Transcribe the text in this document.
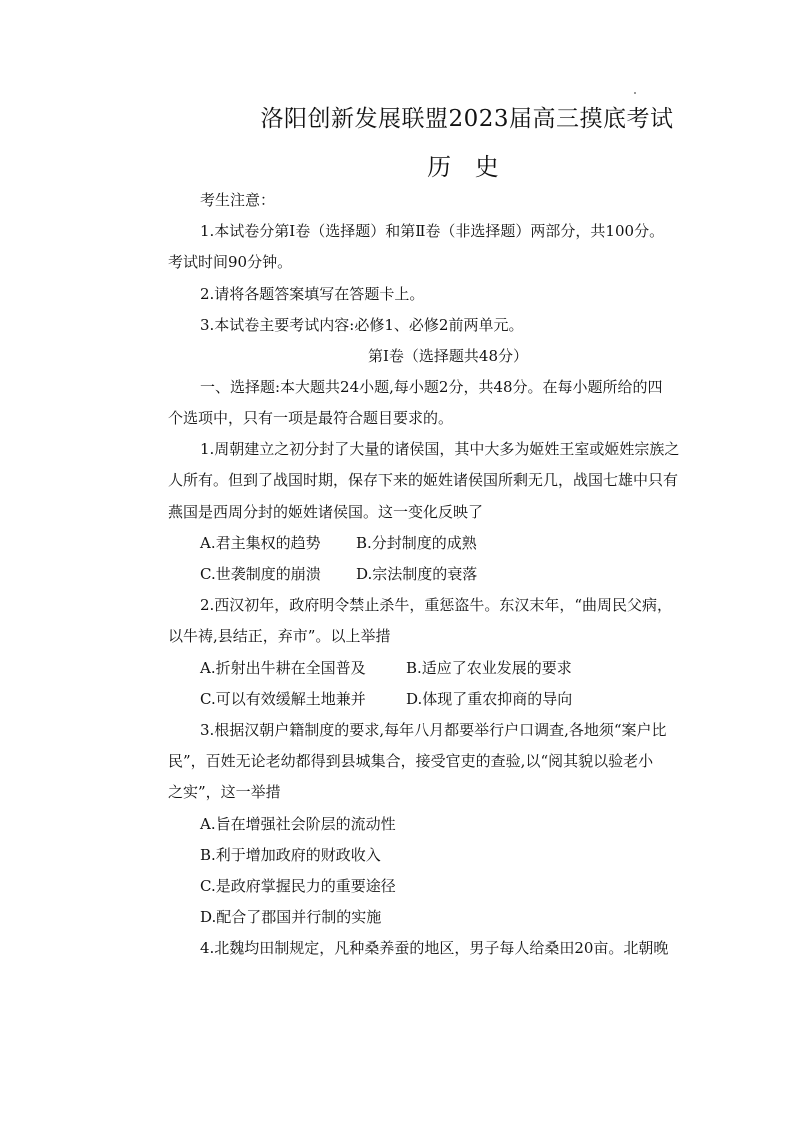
洛阳创新发展联盟2023届高三摸底考试
历 史
考生注意：
1.本试卷分第Ⅰ卷（选择题）和第Ⅱ卷（非选择题）两部分，共100分。
考试时间90分钟。
2.请将各题答案填写在答题卡上。
3.本试卷主要考试内容:必修1、必修2前两单元。
第Ⅰ卷（选择题共48分）
一、选择题:本大题共24小题,每小题2分，共48分。在每小题所给的四
个选项中，只有一项是最符合题目要求的。
1.周朝建立之初分封了大量的诸侯国，其中大多为姬姓王室或姬姓宗族之
人所有。但到了战国时期，保存下来的姬姓诸侯国所剩无几，战国七雄中只有
燕国是西周分封的姬姓诸侯国。这一变化反映了
A.君主集权的趋势 B.分封制度的成熟
C.世袭制度的崩溃 D.宗法制度的衰落
2.西汉初年，政府明令禁止杀牛，重惩盗牛。东汉末年，“曲周民父病，
以牛祷,县结正，弃市”。以上举措
A.折射出牛耕在全国普及	B.适应了农业发展的要求
C.可以有效缓解土地兼并	D.体现了重农抑商的导向
3.根据汉朝户籍制度的要求,每年八月都要举行户口调查,各地须“案户比
民”，百姓无论老幼都得到县城集合，接受官吏的查验,以“阅其貌以验老小
之实”，这一举措
A.旨在增强社会阶层的流动性
B.利于增加政府的财政收入
C.是政府掌握民力的重要途径
D.配合了郡国并行制的实施
4.北魏均田制规定，凡种桑养蚕的地区，男子每人给桑田20亩。北朝晚
